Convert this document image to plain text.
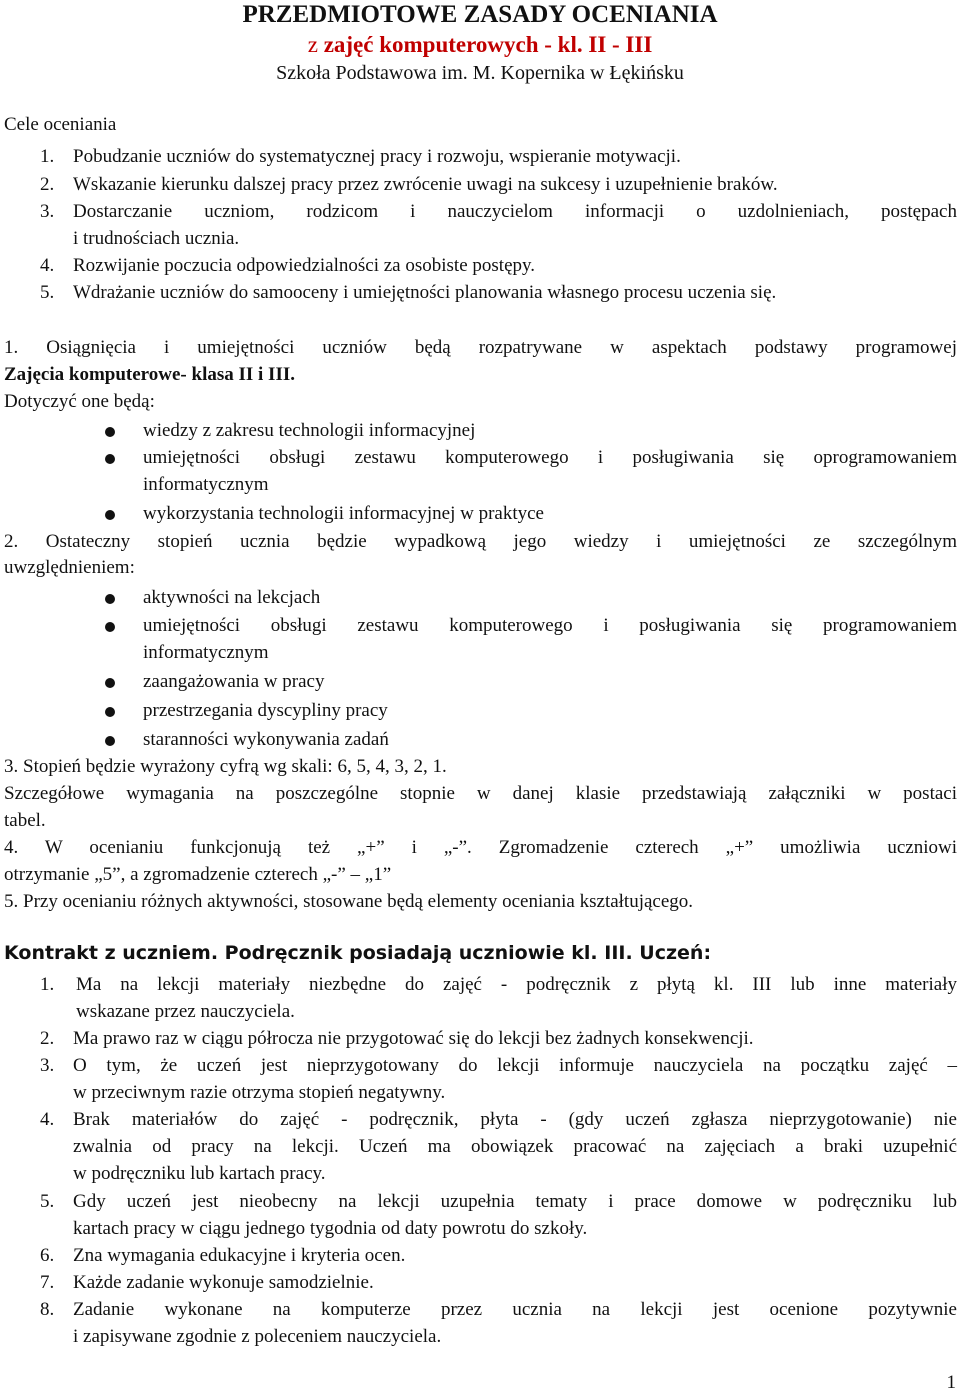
PRZEDMIOTOWE ZASADY OCENIANIA
z zajęć komputerowych - kl. II - III
Szkoła Podstawowa im. M. Kopernika w Łękińsku
Cele oceniania
1. Pobudzanie uczniów do systematycznej pracy i rozwoju, wspieranie motywacji.
2. Wskazanie kierunku dalszej pracy przez zwrócenie uwagi na sukcesy i uzupełnienie braków.
3. Dostarczanie uczniom, rodzicom i nauczycielom informacji o uzdolnieniach, postępach
i trudnościach ucznia.
4. Rozwijanie poczucia odpowiedzialności za osobiste postępy.
5. Wdrażanie uczniów do samooceny i umiejętności planowania własnego procesu uczenia się.
1. Osiągnięcia i umiejętności uczniów będą rozpatrywane w aspektach podstawy programowej
Zajęcia komputerowe- klasa II i III.
Dotyczyć one będą:
wiedzy z zakresu technologii informacyjnej
umiejętności obsługi zestawu komputerowego i posługiwania się oprogramowaniem
informatycznym
wykorzystania technologii informacyjnej w praktyce
2. Ostateczny stopień ucznia będzie wypadkową jego wiedzy i umiejętności ze szczególnym
uwzględnieniem:
aktywności na lekcjach
umiejętności obsługi zestawu komputerowego i posługiwania się programowaniem
informatycznym
zaangażowania w pracy
przestrzegania dyscypliny pracy
staranności wykonywania zadań
3. Stopień będzie wyrażony cyfrą wg skali: 6, 5, 4, 3, 2, 1.
Szczegółowe wymagania na poszczególne stopnie w danej klasie przedstawiają załączniki w postaci
tabel.
4. W ocenianiu funkcjonują też „+” i „-”. Zgromadzenie czterech „+” umożliwia uczniowi
otrzymanie „5”, a zgromadzenie czterech „-” – „1”
5. Przy ocenianiu różnych aktywności, stosowane będą elementy oceniania kształtującego.
Kontrakt z uczniem. Podręcznik posiadają uczniowie kl. III. Uczeń:
1. Ma na lekcji materiały niezbędne do zajęć - podręcznik z płytą kl. III lub inne materiały
wskazane przez nauczyciela.
2. Ma prawo raz w ciągu półrocza nie przygotować się do lekcji bez żadnych konsekwencji.
3. O tym, że uczeń jest nieprzygotowany do lekcji informuje nauczyciela na początku zajęć –
w przeciwnym razie otrzyma stopień negatywny.
4. Brak materiałów do zajęć - podręcznik, płyta - (gdy uczeń zgłasza nieprzygotowanie) nie
zwalnia od pracy na lekcji. Uczeń ma obowiązek pracować na zajęciach a braki uzupełnić
w podręczniku lub kartach pracy.
5. Gdy uczeń jest nieobecny na lekcji uzupełnia tematy i prace domowe w podręczniku lub
kartach pracy w ciągu jednego tygodnia od daty powrotu do szkoły.
6. Zna wymagania edukacyjne i kryteria ocen.
7. Każde zadanie wykonuje samodzielnie.
8. Zadanie wykonane na komputerze przez ucznia na lekcji jest ocenione pozytywnie
i zapisywane zgodnie z poleceniem nauczyciela.
1
